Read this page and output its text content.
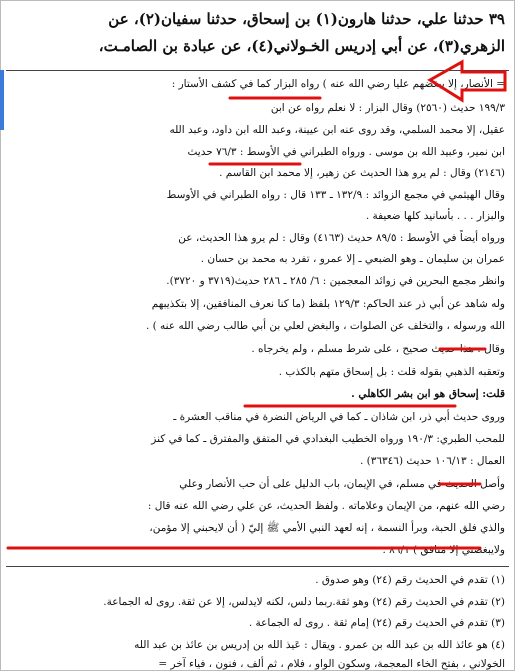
٣٩ حدثنا علي، حدثنا هارون(١) بن إسحاق، حدثنا سفيان(٢)، عن
الزهري(٣)، عن أبي إدريس الخـولاني(٤)، عن عبادة بن الصامـت،
= الأنصار، إلا ببغضهم عليا رضي الله عنه ) رواه البزار كما في كشف الأستار :
١٩٩/٣ حديث (٢٥٦٠) وقال البزار : لا نعلم رواه عن ابن
عقيل، إلا محمد السلمي، وقد روى عنه ابن عيينة، وعبد الله ابن داود، وعبد الله
ابن نمير، وعبيد الله بن موسى . ورواه الطبراني في الأوسط : ٧٦/٣ حديث
(٢١٤٦) وقال : لم يرو هذا الحديث عن زهير، إلا محمد ابن القاسم .
وقال الهيثمي في مجمع الزوائد : ١٣٢/٩ ـ ١٣٣ قال : رواه الطبراني في الأوسط
والبزار . . . بأسانيد كلها ضعيفة .
ورواه أيضاً في الأوسط : ٨٩/٥ حديث (٤١٦٣) وقال : لم يرو هذا الحديث، عن
عمران بن سليمان ـ وهو الضبعي ـ إلا عمرو ، تفرد به محمد بن حسان .
وانظر مجمع البحرين في زوائد المعجمين : ٦/ ٢٨٥ ـ ٢٨٦ حديث(٣٧١٩ و ٣٧٢٠).
وله شاهد عن أبي ذر عند الحاكم: ١٢٩/٣ بلفظ (ما كنا نعرف المنافقين، إلا بتكذيبهم
الله ورسوله ، والتخلف عن الصلوات ، والبغض لعلي بن أبي طالب رضي الله عنه ) .
وقال : هذا حديث صحيح ، على شرط مسلم ، ولم يخرجاه .
وتعقبه الذهبي بقوله قلت : بل إسحاق متهم بالكذب .
قلت: إسحاق هو ابن بشر الكاهلي .
وروى حديث أبي ذر، ابن شاذان ـ كما في الرياض النضرة في مناقب العشرة ـ
للمحب الطبري: ١٩٠/٣ ورواه الخطيب البغدادي في المتفق والمفترق ـ كما في كنز
العمال : ١٠٦/١٣ حديث (٣٦٣٤٦) .
وأصل الحديث في مسلم، في الإيمان، باب الدليل على أن حب الأنصار وعلي
رضي الله عنهم، من الإيمان وعلاماته . ولفظ الحديث، عن علي رضي الله عنه قال :
والذي فلق الحبة، وبرأ النسمة ، إنه لعهد النبي الأمي ﷺ إليّ ( أن لايحبني إلا مؤمن،
ولايبغضني إلا منافق ) ٨٦/١ .
(١) تقدم في الحديث رقم (٢٤) وهو صدوق .
(٢) تقدم في الحديث رقم (٢٤) وهو ثقة.ربما دلس، لكنه لايدلس، إلا عن ثقة. روى له الجماعة.
(٣) تقدم في الحديث رقم (٢٤) إمام ثقة . روى له الجماعة .
(٤) هو عائذ الله بن عبد الله بن عمرو . ويقال : عَيذ الله بن إدريس بن عائذ بن عبد الله
الخولاني ، بفتح الخاء المعجمة، وسكون الواو ، فلام ، ثم ألف ، فنون ، فياء آخر =
